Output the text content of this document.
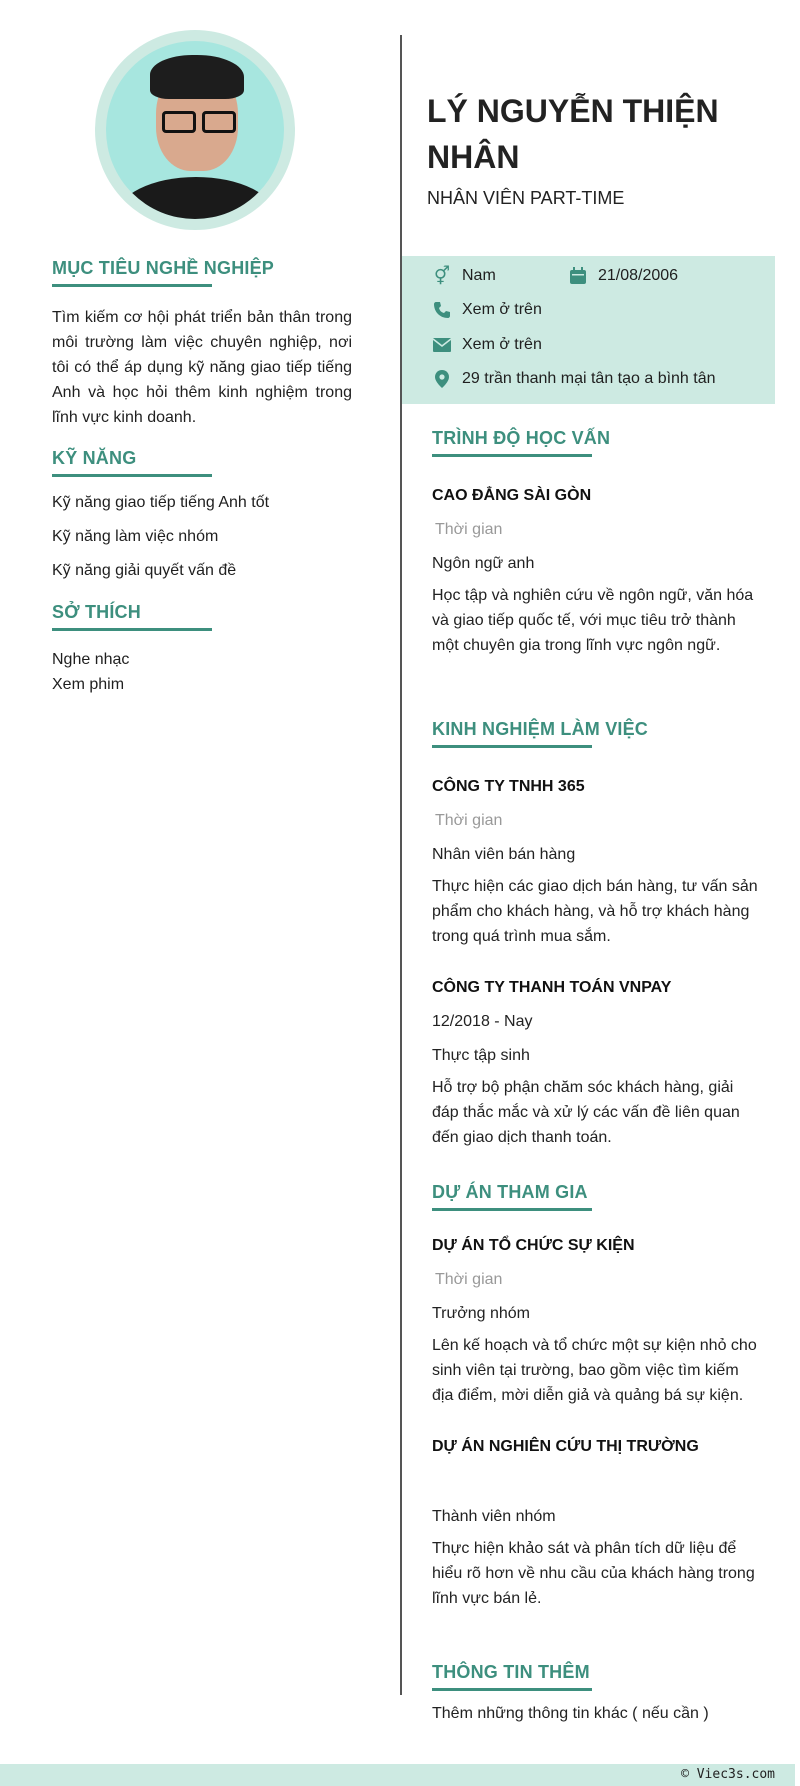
MỤC TIÊU NGHỀ NGHIỆP

Tìm kiếm cơ hội phát triển bản thân trong môi trường làm việc chuyên nghiệp, nơi tôi có thể áp dụng kỹ năng giao tiếp tiếng Anh và học hỏi thêm kinh nghiệm trong lĩnh vực kinh doanh.

KỸ NĂNG
Kỹ năng giao tiếp tiếng Anh tốt
Kỹ năng làm việc nhóm
Kỹ năng giải quyết vấn đề
SỞ THÍCH
Nghe nhạc
Xem phim
LÝ NGUYỄN THIỆN
NHÂN
NHÂN VIÊN PART-TIME
⚥ Nam	21/08/2006
Xem ở trên
Xem ở trên
29 trần thanh mại tân tạo a bình tân
TRÌNH ĐỘ HỌC VẤN
CAO ĐẲNG SÀI GÒN
Thời gian
Ngôn ngữ anh
Học tập và nghiên cứu về ngôn ngữ, văn hóa và giao tiếp quốc tế, với mục tiêu trở thành một chuyên gia trong lĩnh vực ngôn ngữ.
KINH NGHIỆM LÀM VIỆC
CÔNG TY TNHH 365
Thời gian
Nhân viên bán hàng
Thực hiện các giao dịch bán hàng, tư vấn sản phẩm cho khách hàng, và hỗ trợ khách hàng trong quá trình mua sắm.
CÔNG TY THANH TOÁN VNPAY
12/2018 - Nay
Thực tập sinh
Hỗ trợ bộ phận chăm sóc khách hàng, giải đáp thắc mắc và xử lý các vấn đề liên quan đến giao dịch thanh toán.
DỰ ÁN THAM GIA
DỰ ÁN TỔ CHỨC SỰ KIỆN
Thời gian
Trưởng nhóm
Lên kế hoạch và tổ chức một sự kiện nhỏ cho sinh viên tại trường, bao gồm việc tìm kiếm địa điểm, mời diễn giả và quảng bá sự kiện.
DỰ ÁN NGHIÊN CỨU THỊ TRƯỜNG
Thành viên nhóm
Thực hiện khảo sát và phân tích dữ liệu để hiểu rõ hơn về nhu cầu của khách hàng trong lĩnh vực bán lẻ.
THÔNG TIN THÊM
Thêm những thông tin khác ( nếu cần )
© Viec3s.com
